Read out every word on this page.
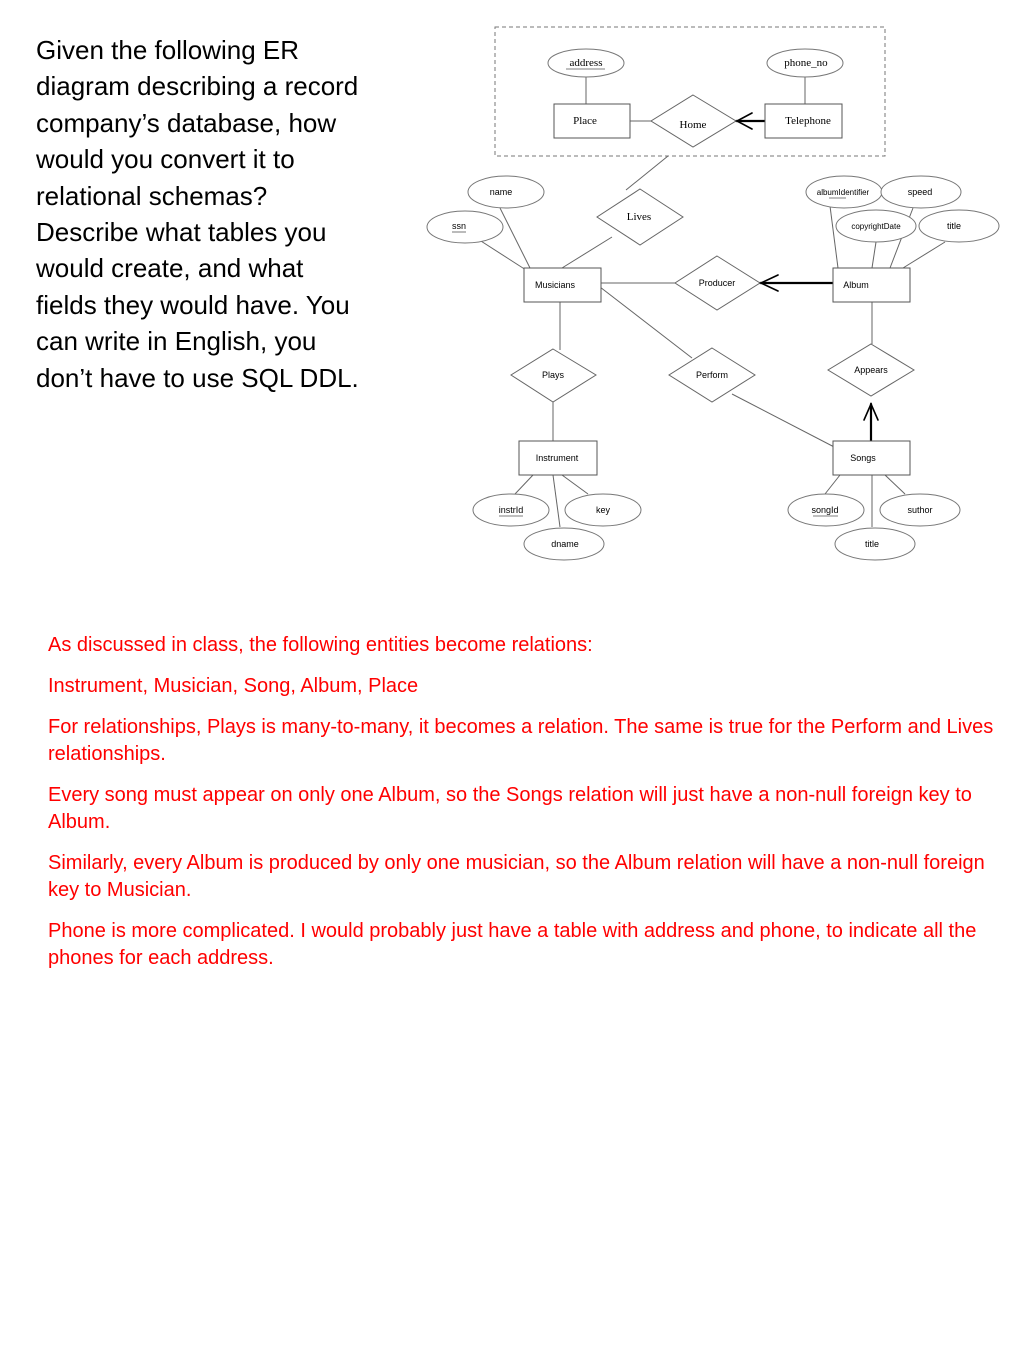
Given the following ER diagram describing a record company’s database, how would you convert it to relational schemas? Describe what tables you would create, and what fields they would have. You can write in English, you don’t have to use SQL DDL.

Place	Telephone
Musicians	Album
Instrument	Songs
Home
Lives
Producer
Plays	Perform	Appears
address	phone_no
name
ssn
albumIdentifier	speed
copyrightDate	title
instrId	key
dname
songId	suthor
title

As discussed in class, the following entities become relations:

Instrument, Musician, Song, Album, Place

For relationships, Plays is many-to-many, it becomes a relation. The same is true for the Perform and Lives relationships.

Every song must appear on only one Album, so the Songs relation will just have a non-null foreign key to Album.

Similarly, every Album is produced by only one musician, so the Album relation will have a non-null foreign key to Musician.

Phone is more complicated. I would probably just have a table with address and phone, to indicate all the phones for each address.
